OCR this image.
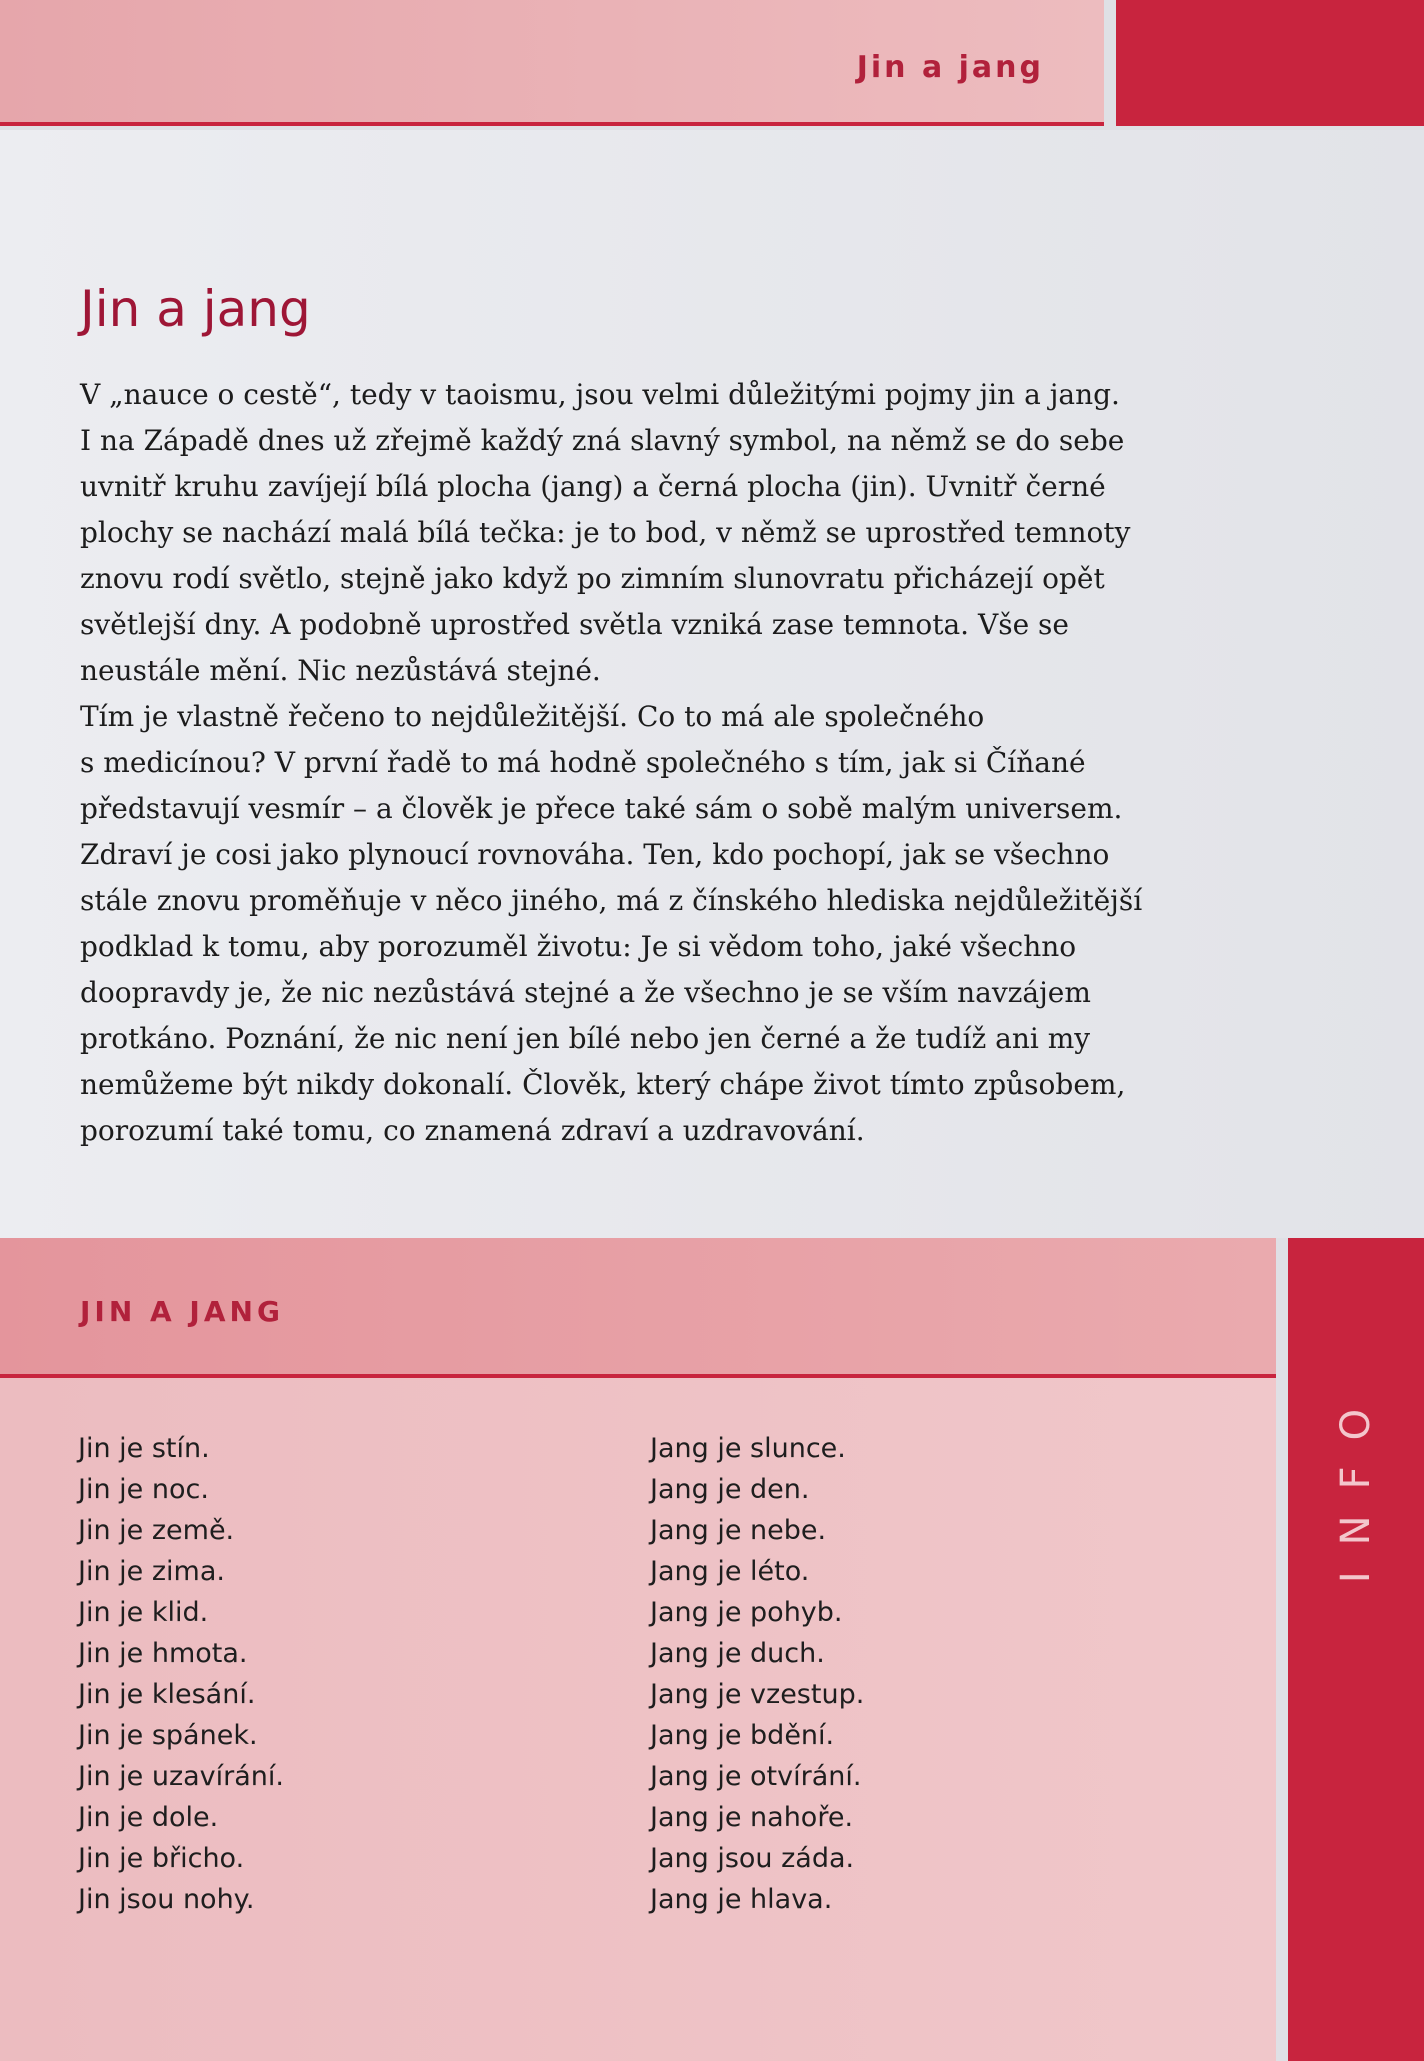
Jin a jang
Jin a jang

V „nauce o cestě“, tedy v taoismu, jsou velmi důležitými pojmy jin a jang.

I na Západě dnes už zřejmě každý zná slavný symbol, na němž se do sebe

uvnitř kruhu zavíjejí bílá plocha (jang) a černá plocha (jin). Uvnitř černé

plochy se nachází malá bílá tečka: je to bod, v němž se uprostřed temnoty

znovu rodí světlo, stejně jako když po zimním slunovratu přicházejí opět

světlejší dny. A podobně uprostřed světla vzniká zase temnota. Vše se

neustále mění. Nic nezůstává stejné.

Tím je vlastně řečeno to nejdůležitější. Co to má ale společného

s medicínou? V první řadě to má hodně společného s tím, jak si Číňané

představují vesmír – a člověk je přece také sám o sobě malým universem.

Zdraví je cosi jako plynoucí rovnováha. Ten, kdo pochopí, jak se všechno

stále znovu proměňuje v něco jiného, má z čínského hlediska nejdůležitější

podklad k tomu, aby porozuměl životu: Je si vědom toho, jaké všechno

doopravdy je, že nic nezůstává stejné a že všechno je se vším navzájem

protkáno. Poznání, že nic není jen bílé nebo jen černé a že tudíž ani my

nemůžeme být nikdy dokonalí. Člověk, který chápe život tímto způsobem,

porozumí také tomu, co znamená zdraví a uzdravování.

JIN A JANG
Jin je stín.
Jin je noc.
Jin je země.
Jin je zima.
Jin je klid.
Jin je hmota.
Jin je klesání.
Jin je spánek.
Jin je uzavírání.
Jin je dole.
Jin je břicho.
Jin jsou nohy.
Jang je slunce.
Jang je den.
Jang je nebe.
Jang je léto.
Jang je pohyb.
Jang je duch.
Jang je vzestup.
Jang je bdění.
Jang je otvírání.
Jang je nahoře.
Jang jsou záda.
Jang je hlava.
INFO
